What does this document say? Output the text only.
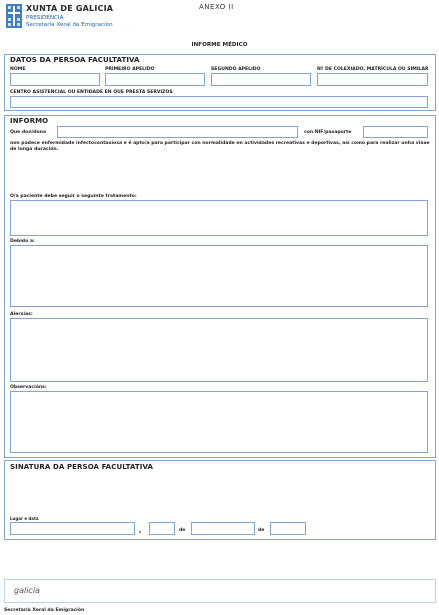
XUNTA DE GALICIA
PRESIDENCIA
Secretaría Xeral da Emigración
ANEXO II
INFORME MÉDICO
DATOS DA PERSOA FACULTATIVA
NOME	PRIMEIRO APELIDO	SEGUNDO APELIDO	Nº DE COLEXIADO, MATRÍCULA OU SIMILAR
CENTRO ASISTENCIAL OU ENTIDADE EN QUE PRESTA SERVIZOS
INFORMO
Que don/dona	con NIF/pasaporte
non padece enfermidade infectocontaxiosa e é apto/a para participar con normalidade en actividades recreativas e deportivas, así como para realizar unha viaxe de longa duración.
O/a paciente debe seguir o seguinte tratamento:
Debido a:
Alerxias:
Observacións:
SINATURA DA PERSOA FACULTATIVA
Lugar e data
,	de	de
galicia
Secretaría Xeral da Emigración
